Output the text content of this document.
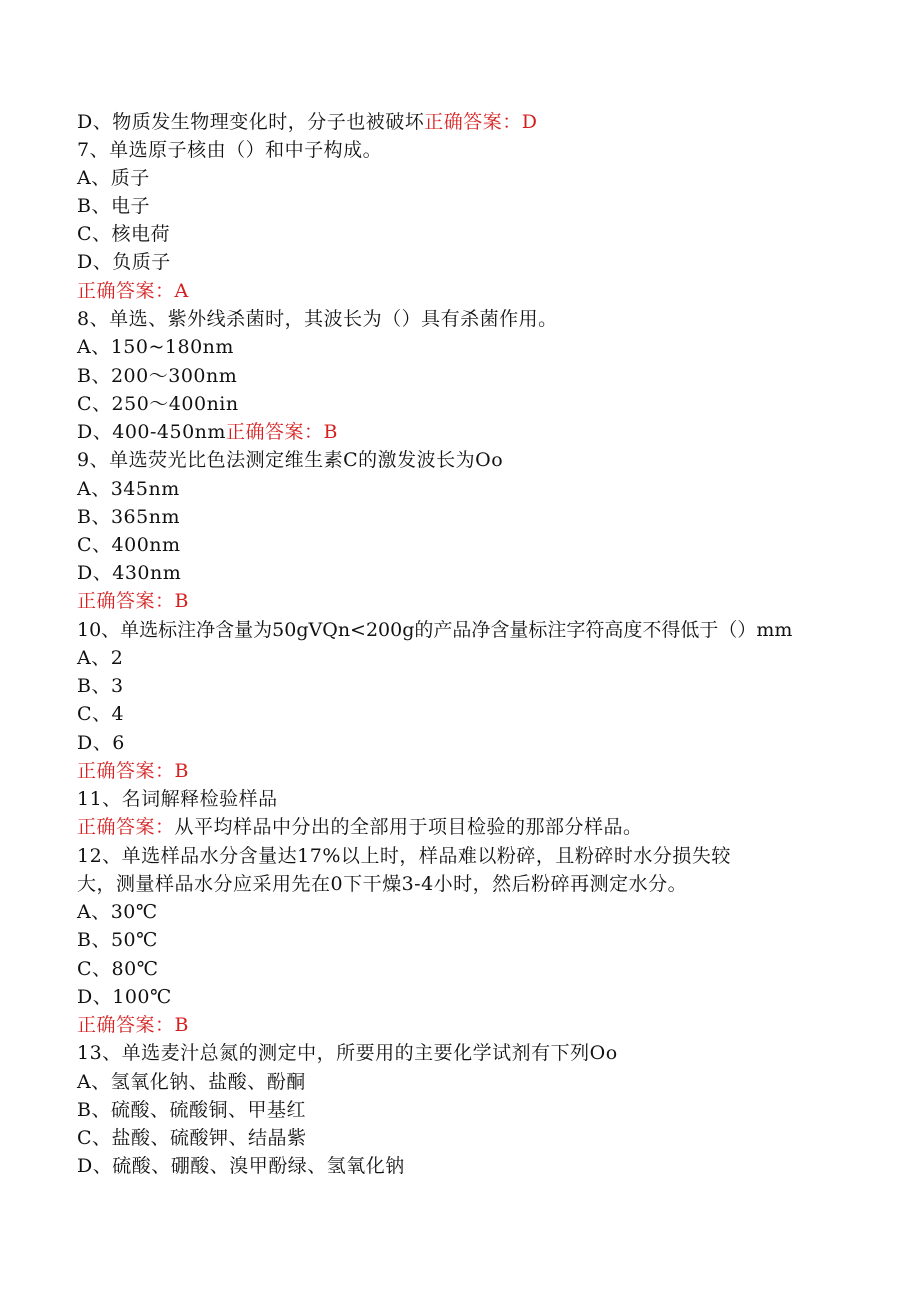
D、物质发生物理变化时，分子也被破坏正确答案：D
7、单选原子核由（）和中子构成。
A、质子
B、电子
C、核电荷
D、负质子
正确答案：A
8、单选、紫外线杀菌时，其波长为（）具有杀菌作用。
A、150~180nm
B、200～300nm
C、250～400nin
D、400-450nm正确答案：B
9、单选荧光比色法测定维生素C的激发波长为Oo
A、345nm
B、365nm
C、400nm
D、430nm
正确答案：B
10、单选标注净含量为50gVQn<200g的产品净含量标注字符高度不得低于（）mm
A、2
B、3
C、4
D、6
正确答案：B
11、名词解释检验样品
正确答案：从平均样品中分出的全部用于项目检验的那部分样品。
12、单选样品水分含量达17%以上时，样品难以粉碎，且粉碎时水分损失较
大，测量样品水分应采用先在0下干燥3-4小时，然后粉碎再测定水分。
A、30℃
B、50℃
C、80℃
D、100℃
正确答案：B
13、单选麦汁总氮的测定中，所要用的主要化学试剂有下列Oo
A、氢氧化钠、盐酸、酚酮
B、硫酸、硫酸铜、甲基红
C、盐酸、硫酸钾、结晶紫
D、硫酸、硼酸、溴甲酚绿、氢氧化钠
